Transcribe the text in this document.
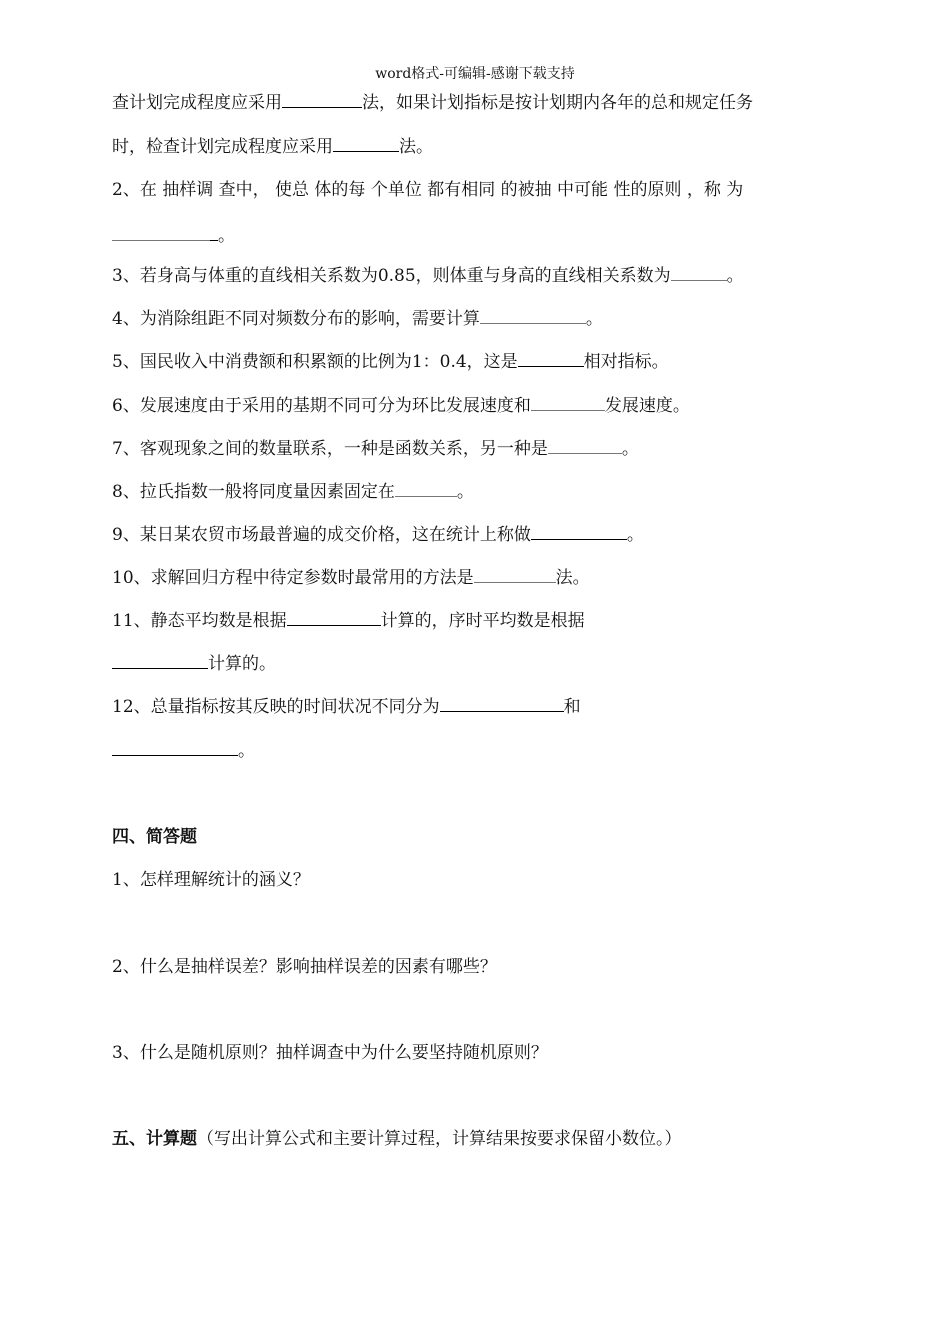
word格式-可编辑-感谢下载支持
查计划完成程度应采用	法，如果计划指标是按计划期内各年的总和规定任务
时，检查计划完成程度应采用	法。
2、在 抽样调 查中， 使总 体的每 个单位 都有相同 的被抽 中可能 性的原则 ，称 为
。
3、若身高与体重的直线相关系数为0.85，则体重与身高的直线相关系数为	。
4、为消除组距不同对频数分布的影响，需要计算	。
5、国民收入中消费额和积累额的比例为1：0.4，这是	相对指标。
6、发展速度由于采用的基期不同可分为环比发展速度和	发展速度。
7、客观现象之间的数量联系，一种是函数关系，另一种是	。
8、拉氏指数一般将同度量因素固定在	。
9、某日某农贸市场最普遍的成交价格，这在统计上称做	。
10、求解回归方程中待定参数时最常用的方法是	法。
11、静态平均数是根据	计算的，序时平均数是根据
计算的。
12、总量指标按其反映的时间状况不同分为	和
。
四、简答题
1、怎样理解统计的涵义？
2、什么是抽样误差？影响抽样误差的因素有哪些？
3、什么是随机原则？抽样调查中为什么要坚持随机原则？
五、计算题（写出计算公式和主要计算过程，计算结果按要求保留小数位。）
